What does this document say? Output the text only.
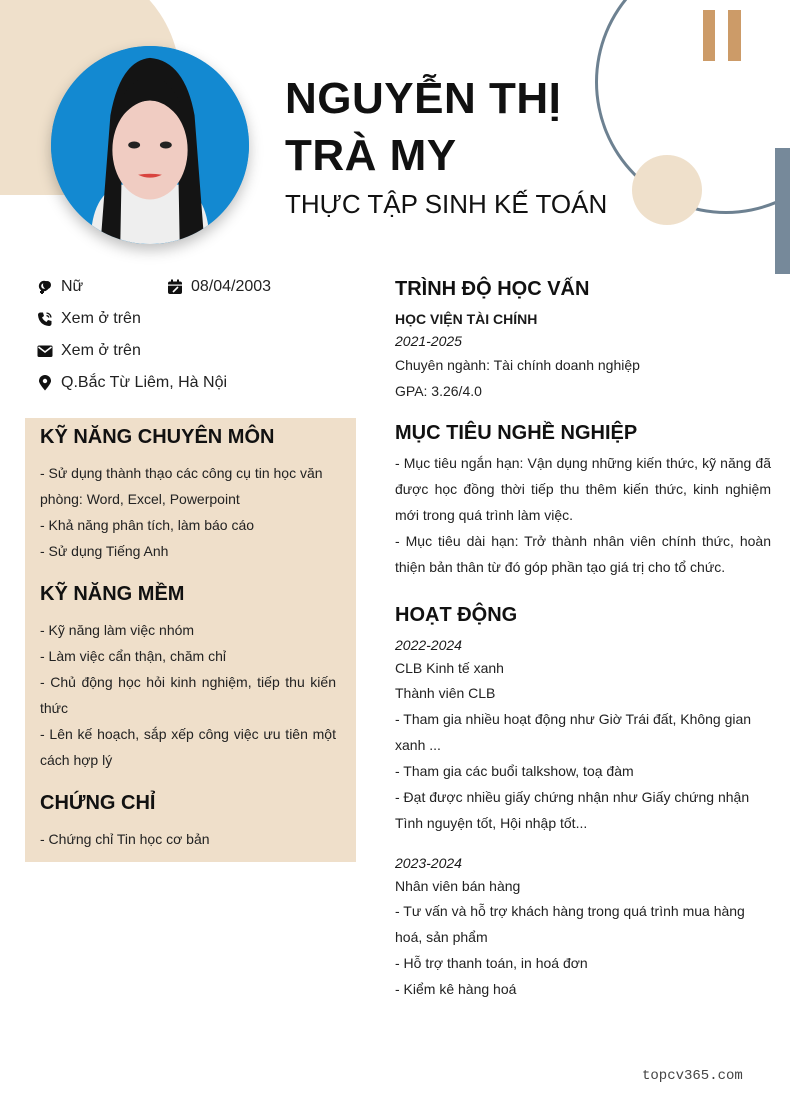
NGUYỄN THỊ
TRÀ MY
THỰC TẬP SINH KẾ TOÁN
Nữ	08/04/2003
Xem ở trên
Xem ở trên
Q.Bắc Từ Liêm, Hà Nội
KỸ NĂNG CHUYÊN MÔN
- Sử dụng thành thạo các công cụ tin học văn phòng: Word, Excel, Powerpoint
- Khả năng phân tích, làm báo cáo
- Sử dụng Tiếng Anh
KỸ NĂNG MỀM
- Kỹ năng làm việc nhóm
- Làm việc cẩn thận, chăm chỉ
- Chủ động học hỏi kinh nghiệm, tiếp thu kiến thức
- Lên kế hoạch, sắp xếp công việc ưu tiên một cách hợp lý
CHỨNG CHỈ
- Chứng chỉ Tin học cơ bản
TRÌNH ĐỘ HỌC VẤN
HỌC VIỆN TÀI CHÍNH
2021-2025
Chuyên ngành: Tài chính doanh nghiệp
GPA: 3.26/4.0
MỤC TIÊU NGHỀ NGHIỆP
- Mục tiêu ngắn hạn: Vận dụng những kiến thức, kỹ năng đã được học đồng thời tiếp thu thêm kiến thức, kinh nghiệm mới trong quá trình làm việc.
- Mục tiêu dài hạn: Trở thành nhân viên chính thức, hoàn thiện bản thân từ đó góp phần tạo giá trị cho tổ chức.
HOẠT ĐỘNG
2022-2024
CLB Kinh tế xanh
Thành viên CLB
- Tham gia nhiều hoạt động như Giờ Trái đất, Không gian xanh ...
- Tham gia các buổi talkshow, toạ đàm
- Đạt được nhiều giấy chứng nhận như Giấy chứng nhận Tình nguyện tốt, Hội nhập tốt...
2023-2024
Nhân viên bán hàng
- Tư vấn và hỗ trợ khách hàng trong quá trình mua hàng hoá, sản phẩm
- Hỗ trợ thanh toán, in hoá đơn
- Kiểm kê hàng hoá
topcv365.com
